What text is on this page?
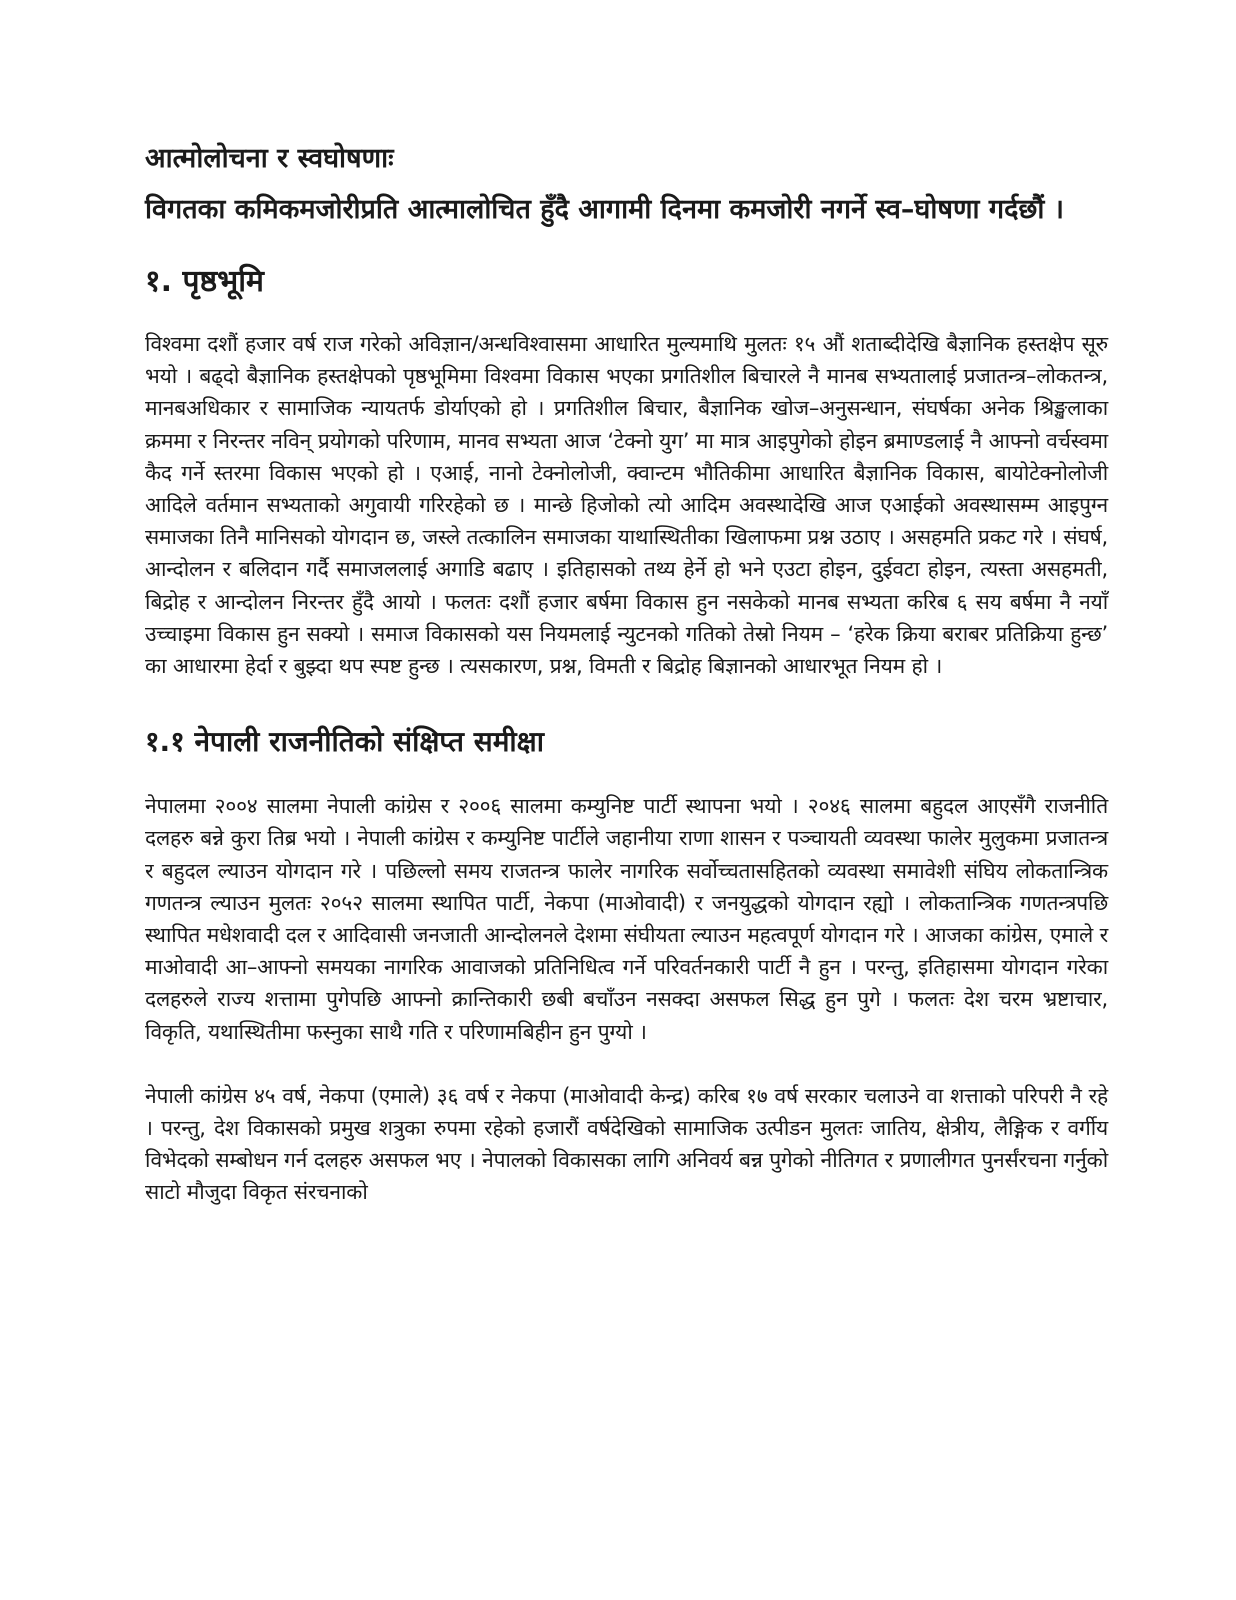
आत्मोलोचना र स्वघोषणाः
विगतका कमिकमजोरीप्रति आत्मालोचित हुँदै आगामी दिनमा कमजोरी नगर्ने स्व–घोषणा गर्दछौं ।
१. पृष्ठभूमि

विश्वमा दशौं हजार वर्ष राज गरेको अविज्ञान/अन्धविश्वासमा आधारित मुल्यमाथि मुलतः १५ औं शताब्दीदेखि बैज्ञानिक हस्तक्षेप सूरु भयो । बढ्दो बैज्ञानिक हस्तक्षेपको पृष्ठभूमिमा विश्वमा विकास भएका प्रगतिशील बिचारले नै मानब सभ्यतालाई प्रजातन्त्र–लोकतन्त्र, मानबअधिकार र सामाजिक न्यायतर्फ डोर्याएको हो । प्रगतिशील बिचार, बैज्ञानिक खोज–अनुसन्धान, संघर्षका अनेक श्रिङ्खलाका क्रममा र निरन्तर नविन् प्रयोगको परिणाम, मानव सभ्यता आज ‘टेक्नो युग’ मा मात्र आइपुगेको होइन ब्रमाण्डलाई नै आफ्नो वर्चस्वमा कैद गर्ने स्तरमा विकास भएको हो । एआई, नानो टेक्नोलोजी, क्वान्टम भौतिकीमा आधारित बैज्ञानिक विकास, बायोटेक्नोलोजी आदिले वर्तमान सभ्यताको अगुवायी गरिरहेको छ । मान्छे हिजोको त्यो आदिम अवस्थादेखि आज एआईको अवस्थासम्म आइपुग्न समाजका तिनै मानिसको योगदान छ, जस्ले तत्कालिन समाजका याथास्थितीका खिलाफमा प्रश्न उठाए । असहमति प्रकट गरे । संघर्ष, आन्दोलन र बलिदान गर्दै समाजललाई अगाडि बढाए । इतिहासको तथ्य हेर्ने हो भने एउटा होइन, दुईवटा होइन, त्यस्ता असहमती, बिद्रोह र आन्दोलन निरन्तर हुँदै आयो । फलतः दशौं हजार बर्षमा विकास हुन नसकेको मानब सभ्यता करिब ६ सय बर्षमा नै नयाँ उच्चाइमा विकास हुन सक्यो । समाज विकासको यस नियमलाई न्युटनको गतिको तेस्रो नियम – ‘हरेक क्रिया बराबर प्रतिक्रिया हुन्छ’ का आधारमा हेर्दा र बुझ्दा थप स्पष्ट हुन्छ । त्यसकारण, प्रश्न, विमती र बिद्रोह बिज्ञानको आधारभूत नियम हो ।

१.१ नेपाली राजनीतिको संक्षिप्त समीक्षा

नेपालमा २००४ सालमा नेपाली कांग्रेस र २००६ सालमा कम्युनिष्ट पार्टी स्थापना भयो । २०४६ सालमा बहुदल आएसँगै राजनीति दलहरु बन्ने कुरा तिब्र भयो । नेपाली कांग्रेस र कम्युनिष्ट पार्टीले जहानीया राणा शासन र पञ्चायती व्यवस्था फालेर मुलुकमा प्रजातन्त्र र बहुदल ल्याउन योगदान गरे । पछिल्लो समय राजतन्त्र फालेर नागरिक सर्वोच्चतासहितको व्यवस्था समावेशी संघिय लोकतान्त्रिक गणतन्त्र ल्याउन मुलतः २०५२ सालमा स्थापित पार्टी, नेकपा (माओवादी) र जनयुद्धको योगदान रह्यो । लोकतान्त्रिक गणतन्त्रपछि स्थापित मधेशवादी दल र आदिवासी जनजाती आन्दोलनले देशमा संघीयता ल्याउन महत्वपूर्ण योगदान गरे । आजका कांग्रेस, एमाले र माओवादी आ–आफ्नो समयका नागरिक आवाजको प्रतिनिधित्व गर्ने परिवर्तनकारी पार्टी नै हुन । परन्तु, इतिहासमा योगदान गरेका दलहरुले राज्य शत्तामा पुगेपछि आफ्नो क्रान्तिकारी छबी बचाँउन नसक्दा असफल सिद्ध हुन पुगे । फलतः देश चरम भ्रष्टाचार, विकृति, यथास्थितीमा फस्नुका साथै गति र परिणामबिहीन हुन पुग्यो ।

नेपाली कांग्रेस ४५ वर्ष, नेकपा (एमाले) ३६ वर्ष र नेकपा (माओवादी केन्द्र) करिब १७ वर्ष सरकार चलाउने वा शत्ताको परिपरी नै रहे । परन्तु, देश विकासको प्रमुख शत्रुका रुपमा रहेको हजारौं वर्षदेखिको सामाजिक उत्पीडन मुलतः जातिय, क्षेत्रीय, लैङ्गिक र वर्गीय विभेदको सम्बोधन गर्न दलहरु असफल भए । नेपालको विकासका लागि अनिवर्य बन्न पुगेको नीतिगत र प्रणालीगत पुनर्संरचना गर्नुको साटो मौजुदा विकृत संरचनाको
